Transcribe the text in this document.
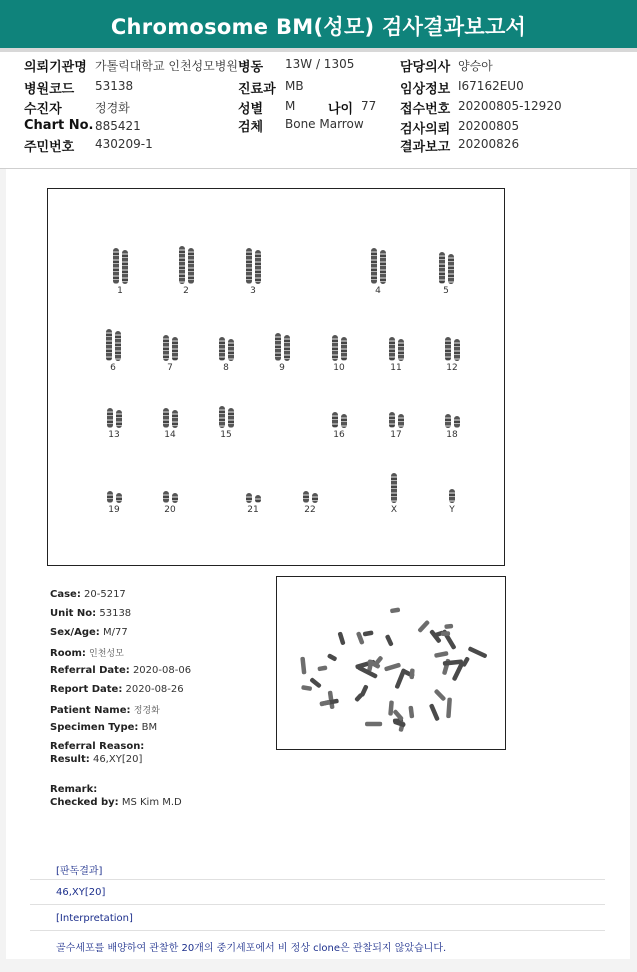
Chromosome BM(성모) 검사결과보고서
의뢰기관명 가톨릭대학교 인천성모병원 병동 13W / 1305	담당의사 양승아
병원코드 53138	진료과 MB	임상정보 I67162EU0
수진자	정경화	성별 M	나이 77 접수번호 20200805-12920
Chart No. 885421	검체 Bone Marrow	검사의뢰 20200805
주민번호 430209-1	결과보고 20200826
1	2	3	4	5
6	7	8	9	10	11	12
13	14	15	16	17	18
19	20	21	22	X	Y
Case: 20-5217
Unit No: 53138
Sex/Age: M/77
Room: 인천성모
Referral Date: 2020-08-06
Report Date: 2020-08-26
Patient Name: 정경화
Specimen Type: BM
Referral Reason:
Result: 46,XY[20]
Remark:
Checked by: MS Kim M.D
[판독결과]
46,XY[20]
[Interpretation]
골수세포를 배양하여 관찰한 20개의 중기세포에서 비 정상 clone은 관찰되지 않았습니다.
